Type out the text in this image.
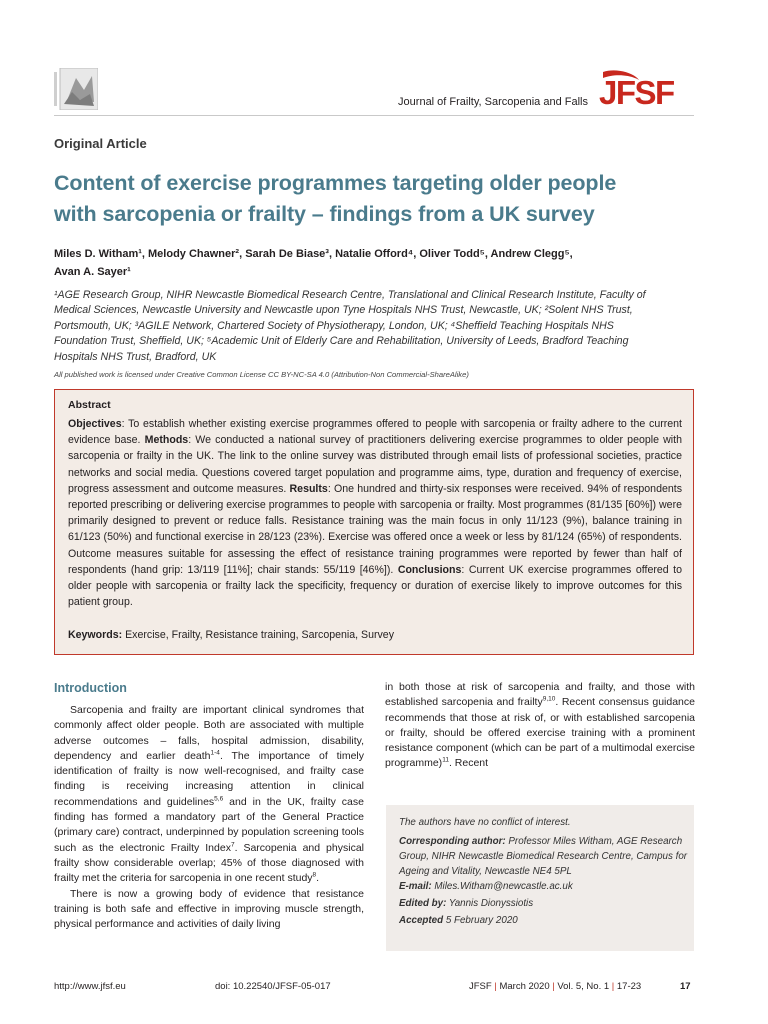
Journal of Frailty, Sarcopenia and Falls JFSF
Original Article
Content of exercise programmes targeting older people
with sarcopenia or frailty – findings from a UK survey
Miles D. Witham¹, Melody Chawner², Sarah De Biase³, Natalie Offord⁴, Oliver Todd⁵, Andrew Clegg⁵,
Avan A. Sayer¹
¹AGE Research Group, NIHR Newcastle Biomedical Research Centre, Translational and Clinical Research Institute, Faculty of
Medical Sciences, Newcastle University and Newcastle upon Tyne Hospitals NHS Trust, Newcastle, UK; ²Solent NHS Trust,
Portsmouth, UK; ³AGILE Network, Chartered Society of Physiotherapy, London, UK; ⁴Sheffield Teaching Hospitals NHS
Foundation Trust, Sheffield, UK; ⁵Academic Unit of Elderly Care and Rehabilitation, University of Leeds, Bradford Teaching
Hospitals NHS Trust, Bradford, UK
All published work is licensed under Creative Common License CC BY-NC-SA 4.0 (Attribution-Non Commercial-ShareAlike)
Abstract
Objectives: To establish whether existing exercise programmes offered to people with sarcopenia or frailty adhere to the current evidence base. Methods: We conducted a national survey of practitioners delivering exercise programmes to older people with sarcopenia or frailty in the UK. The link to the online survey was distributed through email lists of professional societies, practice networks and social media. Questions covered target population and programme aims, type, duration and frequency of exercise, progress assessment and outcome measures. Results: One hundred and thirty-six responses were received. 94% of respondents reported prescribing or delivering exercise programmes to people with sarcopenia or frailty. Most programmes (81/135 [60%]) were primarily designed to prevent or reduce falls. Resistance training was the main focus in only 11/123 (9%), balance training in 61/123 (50%) and functional exercise in 28/123 (23%). Exercise was offered once a week or less by 81/124 (65%) of respondents. Outcome measures suitable for assessing the effect of resistance training programmes were reported by fewer than half of respondents (hand grip: 13/119 [11%]; chair stands: 55/119 [46%]). Conclusions: Current UK exercise programmes offered to older people with sarcopenia or frailty lack the specificity, frequency or duration of exercise likely to improve outcomes for this patient group.
Keywords: Exercise, Frailty, Resistance training, Sarcopenia, Survey
Introduction

Sarcopenia and frailty are important clinical syndromes that commonly affect older people. Both are associated with multiple adverse outcomes – falls, hospital admission, disability, dependency and earlier death$^{1-4}$. The importance of timely identification of frailty is now well-recognised, and frailty case finding is receiving increasing attention in clinical recommendations and guidelines$^{5,6}$ and in the UK, frailty case finding has formed a mandatory part of the General Practice (primary care) contract, underpinned by population screening tools such as the electronic Frailty Index$^7$. Sarcopenia and physical frailty show considerable overlap; 45% of those diagnosed with frailty met the criteria for sarcopenia in one recent study$^8$.

There is now a growing body of evidence that resistance training is both safe and effective in improving muscle strength, physical performance and activities of daily living

in both those at risk of sarcopenia and frailty, and those with established sarcopenia and frailty$^{9,10}$. Recent consensus guidance recommends that those at risk of, or with established sarcopenia or frailty, should be offered exercise training with a prominent resistance component (which can be part of a multimodal exercise programme)$^{11}$. Recent
The authors have no conflict of interest.
Corresponding author: Professor Miles Witham, AGE Research Group, NIHR Newcastle Biomedical Research Centre, Campus for Ageing and Vitality, Newcastle NE4 5PL
E-mail: Miles.Witham@newcastle.ac.uk
Edited by: Yannis Dionyssiotis
Accepted 5 February 2020
http://www.jfsf.eu	doi: 10.22540/JFSF-05-017	JFSF | March 2020 | Vol. 5, No. 1 | 17-23	17
